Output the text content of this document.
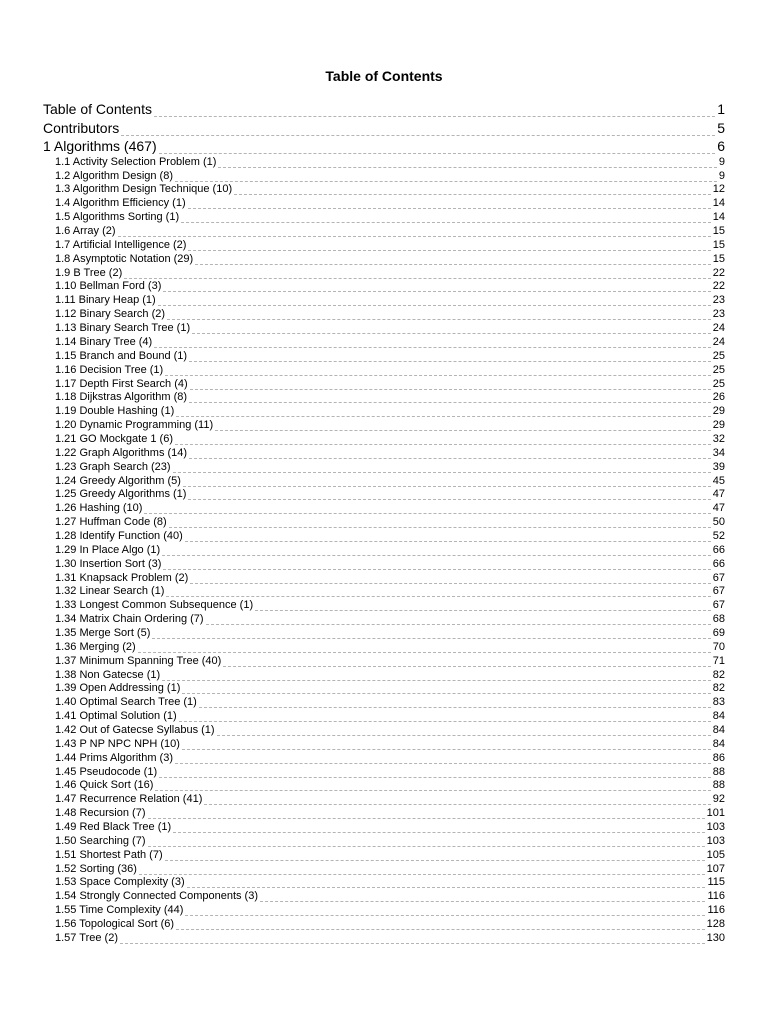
Table of Contents
Table of Contents	1
Contributors	5
1 Algorithms (467)	6
1.1 Activity Selection Problem (1)	9
1.2 Algorithm Design (8)	9
1.3 Algorithm Design Technique (10)	12
1.4 Algorithm Efficiency (1)	14
1.5 Algorithms Sorting (1)	14
1.6 Array (2)	15
1.7 Artificial Intelligence (2)	15
1.8 Asymptotic Notation (29)	15
1.9 B Tree (2)	22
1.10 Bellman Ford (3)	22
1.11 Binary Heap (1)	23
1.12 Binary Search (2)	23
1.13 Binary Search Tree (1)	24
1.14 Binary Tree (4)	24
1.15 Branch and Bound (1)	25
1.16 Decision Tree (1)	25
1.17 Depth First Search (4)	25
1.18 Dijkstras Algorithm (8)	26
1.19 Double Hashing (1)	29
1.20 Dynamic Programming (11)	29
1.21 GO Mockgate 1 (6)	32
1.22 Graph Algorithms (14)	34
1.23 Graph Search (23)	39
1.24 Greedy Algorithm (5)	45
1.25 Greedy Algorithms (1)	47
1.26 Hashing (10)	47
1.27 Huffman Code (8)	50
1.28 Identify Function (40)	52
1.29 In Place Algo (1)	66
1.30 Insertion Sort (3)	66
1.31 Knapsack Problem (2)	67
1.32 Linear Search (1)	67
1.33 Longest Common Subsequence (1)	67
1.34 Matrix Chain Ordering (7)	68
1.35 Merge Sort (5)	69
1.36 Merging (2)	70
1.37 Minimum Spanning Tree (40)	71
1.38 Non Gatecse (1)	82
1.39 Open Addressing (1)	82
1.40 Optimal Search Tree (1)	83
1.41 Optimal Solution (1)	84
1.42 Out of Gatecse Syllabus (1)	84
1.43 P NP NPC NPH (10)	84
1.44 Prims Algorithm (3)	86
1.45 Pseudocode (1)	88
1.46 Quick Sort (16)	88
1.47 Recurrence Relation (41)	92
1.48 Recursion (7)	101
1.49 Red Black Tree (1)	103
1.50 Searching (7)	103
1.51 Shortest Path (7)	105
1.52 Sorting (36)	107
1.53 Space Complexity (3)	115
1.54 Strongly Connected Components (3)	116
1.55 Time Complexity (44)	116
1.56 Topological Sort (6)	128
1.57 Tree (2)	130
